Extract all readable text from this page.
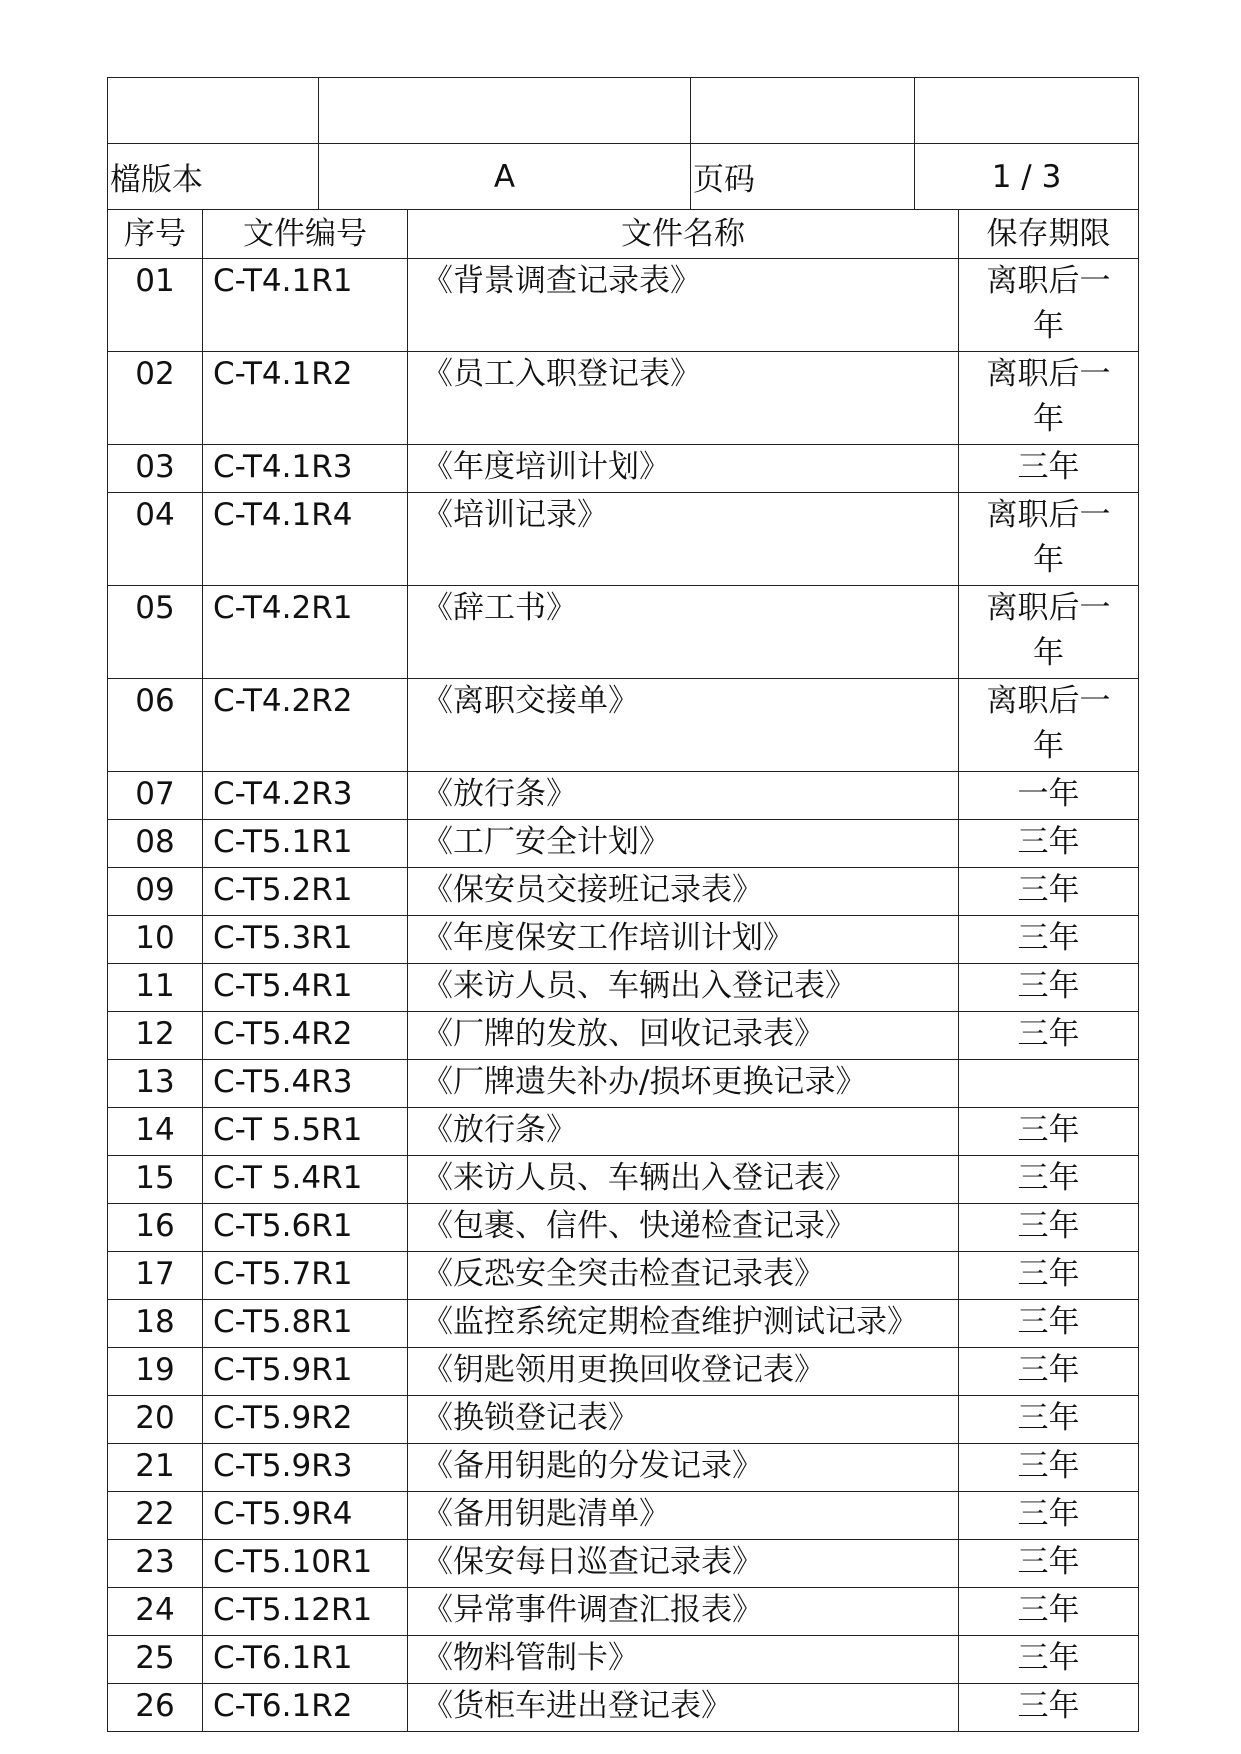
檔版本	A	页码	1 / 3
序号	文件编号	文件名称	保存期限
01	C-T4.1R1	《背景调查记录表》	离职后一
年
02	C-T4.1R2	《员工入职登记表》	离职后一
年
03	C-T4.1R3	《年度培训计划》	三年
04	C-T4.1R4	《培训记录》	离职后一
年
05	C-T4.2R1	《辞工书》	离职后一
年
06	C-T4.2R2	《离职交接单》	离职后一
年
07	C-T4.2R3	《放行条》	一年
08	C-T5.1R1	《工厂安全计划》	三年
09	C-T5.2R1	《保安员交接班记录表》	三年
10	C-T5.3R1	《年度保安工作培训计划》	三年
11	C-T5.4R1	《来访人员、车辆出入登记表》	三年
12	C-T5.4R2	《厂牌的发放、回收记录表》	三年
13	C-T5.4R3	《厂牌遗失补办/损坏更换记录》	
14	C-T 5.5R1	《放行条》	三年
15	C-T 5.4R1	《来访人员、车辆出入登记表》	三年
16	C-T5.6R1	《包裹、信件、快递检查记录》	三年
17	C-T5.7R1	《反恐安全突击检查记录表》	三年
18	C-T5.8R1	《监控系统定期检查维护测试记录》	三年
19	C-T5.9R1	《钥匙领用更换回收登记表》	三年
20	C-T5.9R2	《换锁登记表》	三年
21	C-T5.9R3	《备用钥匙的分发记录》	三年
22	C-T5.9R4	《备用钥匙清单》	三年
23	C-T5.10R1	《保安每日巡查记录表》	三年
24	C-T5.12R1	《异常事件调查汇报表》	三年
25	C-T6.1R1	《物料管制卡》	三年
26	C-T6.1R2	《货柜车进出登记表》	三年
